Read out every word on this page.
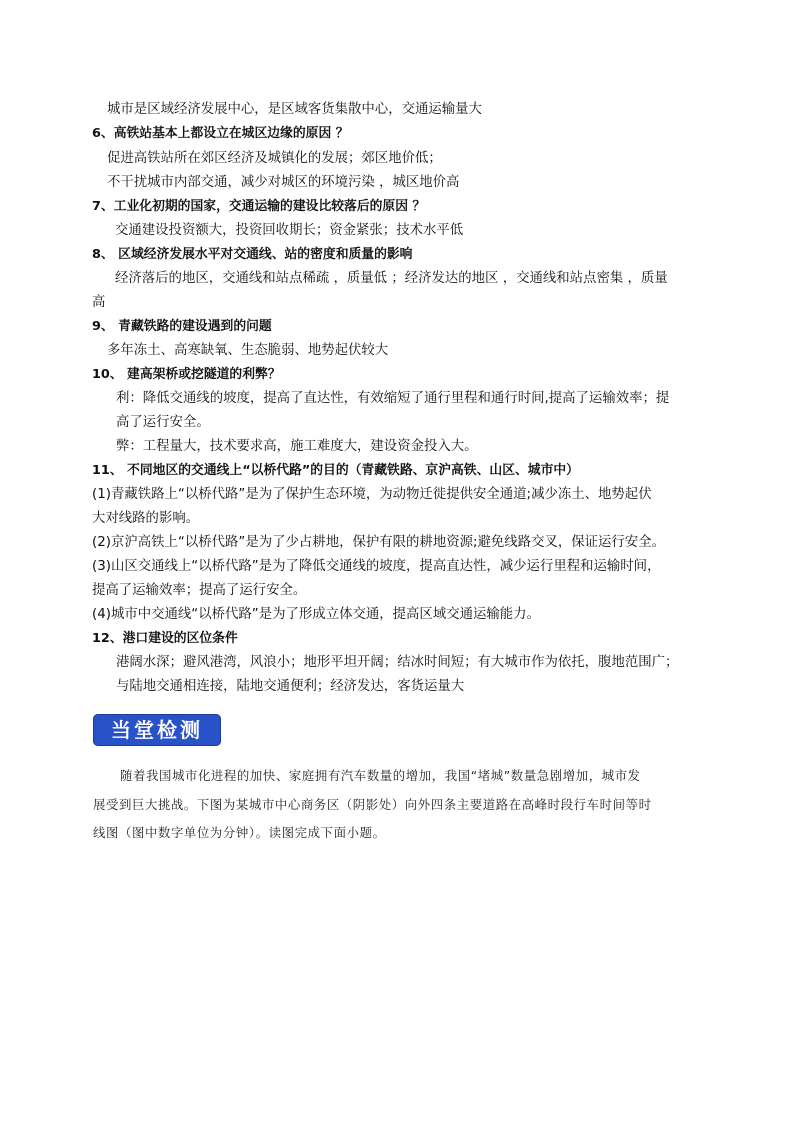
城市是区域经济发展中心，是区域客货集散中心，交通运输量大
6、高铁站基本上都设立在城区边缘的原因 ？
促进高铁站所在郊区经济及城镇化的发展；郊区地价低；
不干扰城市内部交通，减少对城区的环境污染 ，城区地价高
7、工业化初期的国家，交通运输的建设比较落后的原因 ？
交通建设投资额大，投资回收期长；资金紧张；技术水平低
8、 区域经济发展水平对交通线、站的密度和质量的影响
经济落后的地区，交通线和站点稀疏 ，质量低 ；经济发达的地区 ，交通线和站点密集 ，质量
高
9、 青藏铁路的建设遇到的问题
多年冻土、高寒缺氧、生态脆弱、地势起伏较大
10、 建高架桥或挖隧道的利弊？
利：降低交通线的坡度，提高了直达性，有效缩短了通行里程和通行时间,提高了运输效率；提
高了运行安全。
弊：工程量大，技术要求高，施工难度大，建设资金投入大。
11、 不同地区的交通线上“以桥代路”的目的（青藏铁路、京沪高铁、山区、城市中）
(1)青藏铁路上“以桥代路”是为了保护生态环境，为动物迁徙提供安全通道;减少冻土、地势起伏
大对线路的影响。
(2)京沪高铁上“以桥代路”是为了少占耕地，保护有限的耕地资源;避免线路交叉，保证运行安全。
(3)山区交通线上“以桥代路”是为了降低交通线的坡度，提高直达性，减少运行里程和运输时间，
提高了运输效率；提高了运行安全。
(4)城市中交通线“以桥代路”是为了形成立体交通，提高区域交通运输能力。
12、港口建设的区位条件
港阔水深；避风港湾，风浪小；地形平坦开阔；结冰时间短；有大城市作为依托，腹地范围广；
与陆地交通相连接，陆地交通便利；经济发达，客货运量大
当堂检测
随着我国城市化进程的加快、家庭拥有汽车数量的增加，我国“堵城”数量急剧增加，城市发
展受到巨大挑战。下图为某城市中心商务区（阴影处）向外四条主要道路在高峰时段行车时间等时
线图（图中数字单位为分钟）。读图完成下面小题。
